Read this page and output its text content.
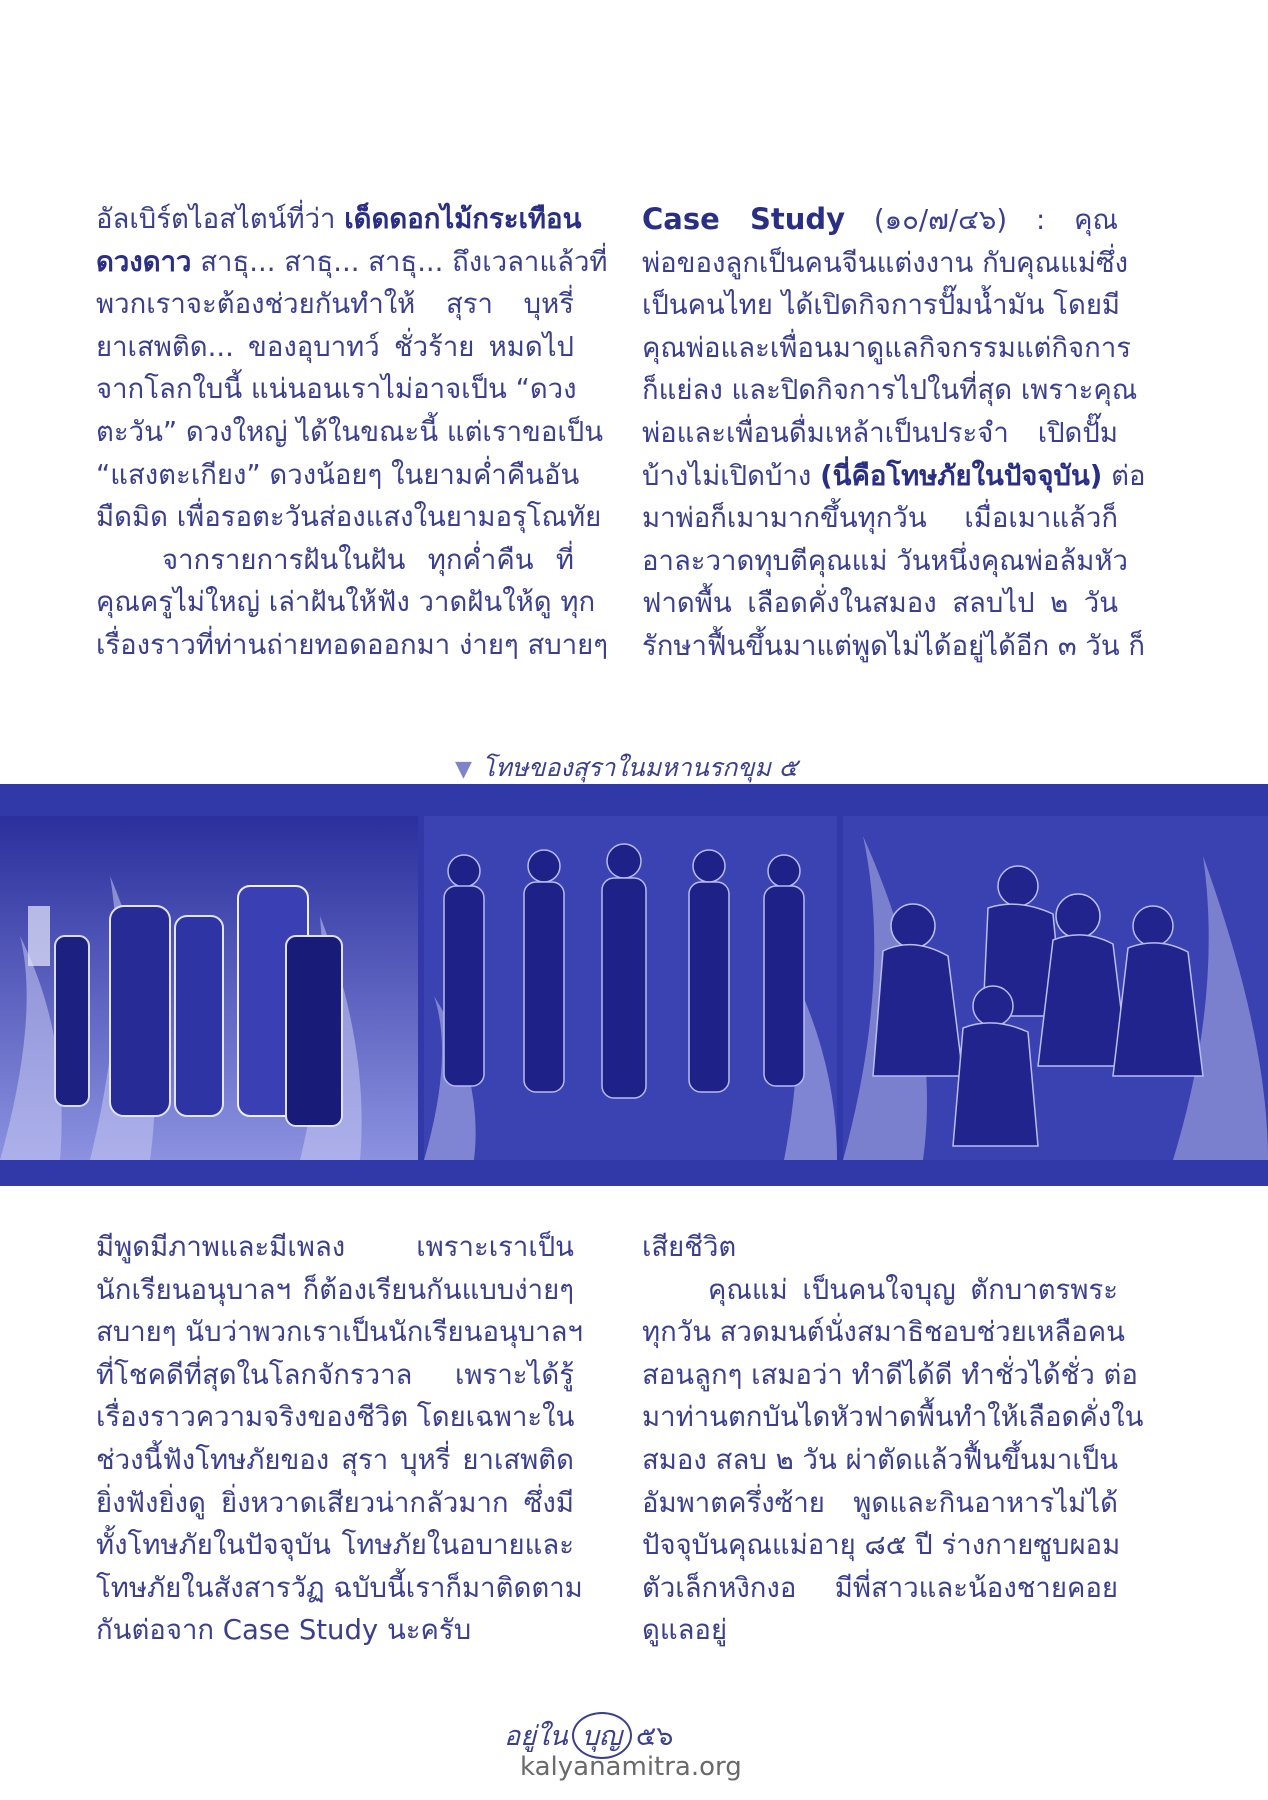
อัลเบิร์ตไอสไตน์ที่ว่า เด็ดดอกไม้กระเทือน

ดวงดาว สาธุ... สาธุ... สาธุ... ถึงเวลาแล้วที่

พวกเราจะต้องช่วยกันทำให้ สุรา บุหรี่

ยาเสพติด... ของอุบาทว์ ชั่วร้าย หมดไป

จากโลกใบนี้ แน่นอนเราไม่อาจเป็น “ดวง

ตะวัน” ดวงใหญ่ ได้ในขณะนี้ แต่เราขอเป็น

“แสงตะเกียง” ดวงน้อยๆ ในยามค่ำคืนอัน

มืดมิด เพื่อรอตะวันส่องแสงในยามอรุโณทัย

จากรายการฝันในฝัน ทุกค่ำคืน ที่

คุณครูไม่ใหญ่ เล่าฝันให้ฟัง วาดฝันให้ดู ทุก

เรื่องราวที่ท่านถ่ายทอดออกมา ง่ายๆ สบายๆ

Case Study (๑๐/๗/๔๖) : คุณ

พ่อของลูกเป็นคนจีนแต่งงาน กับคุณแม่ซึ่ง

เป็นคนไทย ได้เปิดกิจการปั๊มน้ำมัน โดยมี

คุณพ่อและเพื่อนมาดูแลกิจกรรมแต่กิจการ

ก็แย่ลง และปิดกิจการไปในที่สุด เพราะคุณ

พ่อและเพื่อนดื่มเหล้าเป็นประจำ เปิดปั๊ม

บ้างไม่เปิดบ้าง (นี่คือโทษภัยในปัจจุบัน) ต่อ

มาพ่อก็เมามากขึ้นทุกวัน เมื่อเมาแล้วก็

อาละวาดทุบตีคุณแม่ วันหนึ่งคุณพ่อล้มหัว

ฟาดพื้น เลือดคั่งในสมอง สลบไป ๒ วัน

รักษาฟื้นขึ้นมาแต่พูดไม่ได้อยู่ได้อีก ๓ วัน ก็

▼ โทษของสุราในมหานรกขุม ๕

มีพูดมีภาพและมีเพลง เพราะเราเป็น

นักเรียนอนุบาลฯ ก็ต้องเรียนกันแบบง่ายๆ

สบายๆ นับว่าพวกเราเป็นนักเรียนอนุบาลฯ

ที่โชคดีที่สุดในโลกจักรวาล เพราะได้รู้

เรื่องราวความจริงของชีวิต โดยเฉพาะใน

ช่วงนี้ฟังโทษภัยของ สุรา บุหรี่ ยาเสพติด

ยิ่งฟังยิ่งดู ยิ่งหวาดเสียวน่ากลัวมาก ซึ่งมี

ทั้งโทษภัยในปัจจุบัน โทษภัยในอบายและ

โทษภัยในสังสารวัฏ ฉบับนี้เราก็มาติดตาม

กันต่อจาก Case Study นะครับ

เสียชีวิต

คุณแม่ เป็นคนใจบุญ ตักบาตรพระ

ทุกวัน สวดมนต์นั่งสมาธิชอบช่วยเหลือคน

สอนลูกๆ เสมอว่า ทำดีได้ดี ทำชั่วได้ชั่ว ต่อ

มาท่านตกบันไดหัวฟาดพื้นทำให้เลือดคั่งใน

สมอง สลบ ๒ วัน ผ่าตัดแล้วฟื้นขึ้นมาเป็น

อัมพาตครึ่งซ้าย พูดและกินอาหารไม่ได้

ปัจจุบันคุณแม่อายุ ๘๕ ปี ร่างกายซูบผอม

ตัวเล็กหงิกงอ มีพี่สาวและน้องชายคอย

ดูแลอยู่

อยู่ใน บุญ ๕๖
kalyanamitra.org
